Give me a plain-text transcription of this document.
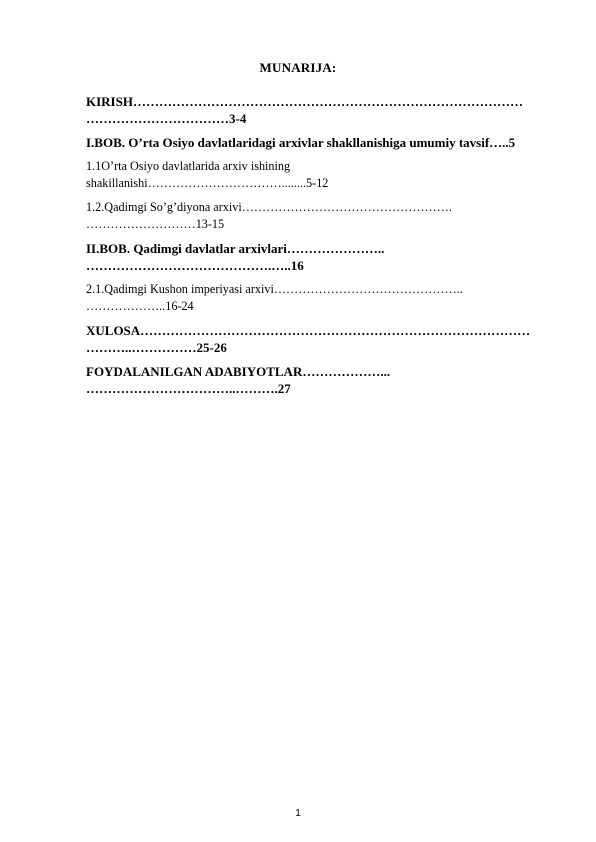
MUNARIJA:
KIRISH………………………………………………………………………………
……………………………3-4
I.BOB. O’rta Osiyo davlatlaridagi arxivlar shakllanishiga umumiy tavsif…..5
1.1O’rta Osiyo davlatlarida arxiv ishining
shakillanishi……………………………........5-12
1.2.Qadimgi So’g’diyona arxivi…………………………………………….
………………………13-15
II.BOB. Qadimgi davlatlar arxivlari…………………..
…………………………………….…..16
2.1.Qadimgi Kushon imperiyasi arxivi………………………………………..
………………..16-24
XULOSA………………………………………………………………………………
………..……………25-26
FOYDALANILGAN ADABIYOTLAR………………...
……………………………..……….27
1
